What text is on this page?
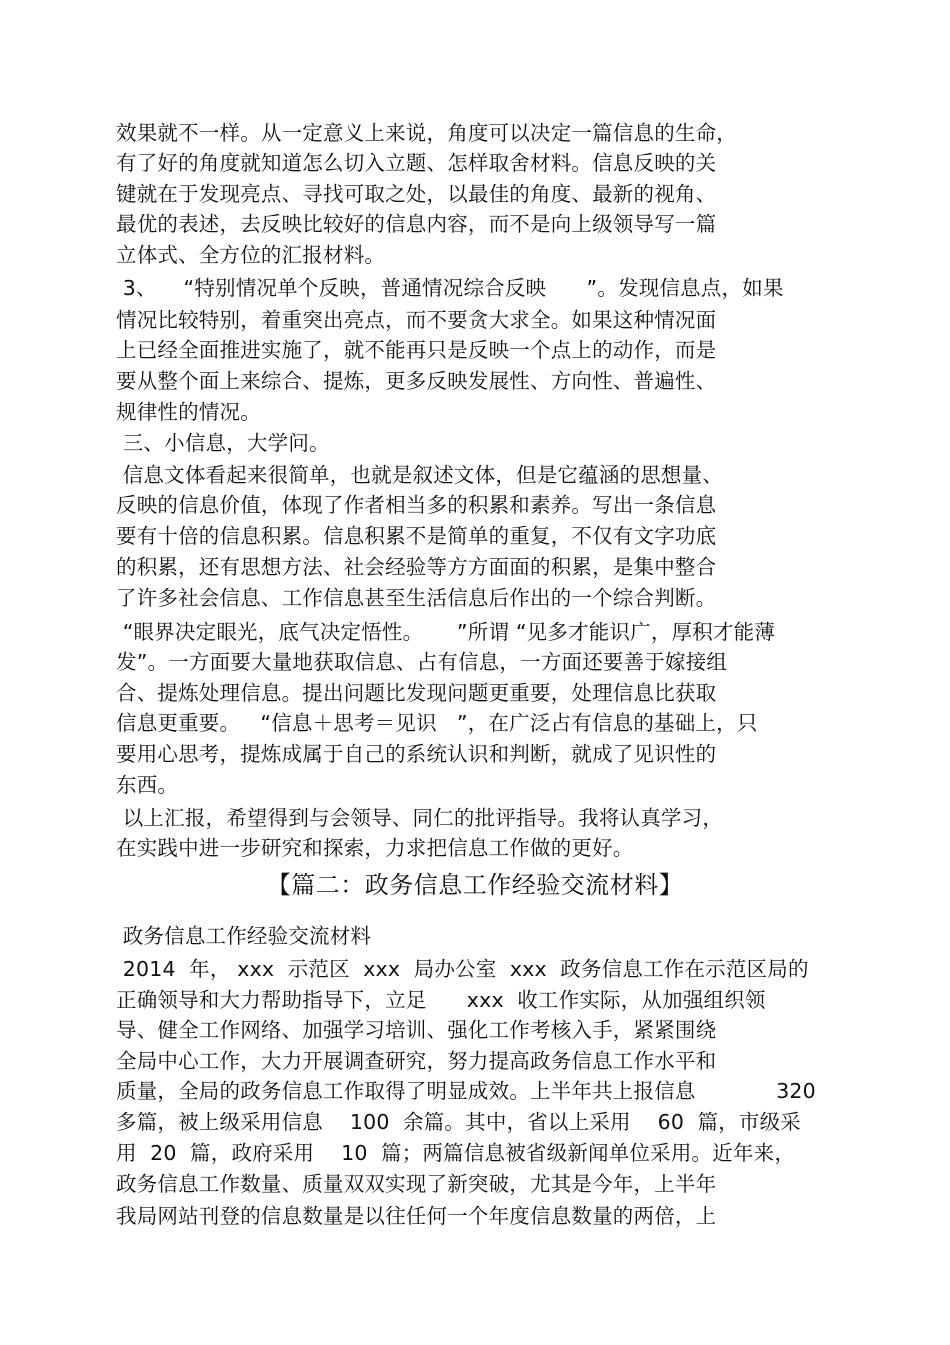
效果就不一样。从一定意义上来说，角度可以决定一篇信息的生命，
有了好的角度就知道怎么切入立题、怎样取舍材料。信息反映的关
键就在于发现亮点、寻找可取之处，以最佳的角度、最新的视角、
最优的表述，去反映比较好的信息内容，而不是向上级领导写一篇
立体式、全方位的汇报材料。
3、    “特别情况单个反映，普通情况综合反映      ”。发现信息点，如果
情况比较特别，着重突出亮点，而不要贪大求全。如果这种情况面
上已经全面推进实施了，就不能再只是反映一个点上的动作，而是
要从整个面上来综合、提炼，更多反映发展性、方向性、普遍性、
规律性的情况。
三、小信息，大学问。
信息文体看起来很简单，也就是叙述文体，但是它蕴涵的思想量、
反映的信息价值，体现了作者相当多的积累和素养。写出一条信息
要有十倍的信息积累。信息积累不是简单的重复，不仅有文字功底
的积累，还有思想方法、社会经验等方方面面的积累，是集中整合
了许多社会信息、工作信息甚至生活信息后作出的一个综合判断。
“眼界决定眼光，底气决定悟性。     ”所谓 “见多才能识广，厚积才能薄
发”。一方面要大量地获取信息、占有信息，一方面还要善于嫁接组
合、提炼处理信息。提出问题比发现问题更重要，处理信息比获取
信息更重要。   “信息＋思考＝见识   ”，在广泛占有信息的基础上，只
要用心思考，提炼成属于自己的系统认识和判断，就成了见识性的
东西。
以上汇报，希望得到与会领导、同仁的批评指导。我将认真学习，
在实践中进一步研究和探索，力求把信息工作做的更好。
【篇二：政务信息工作经验交流材料】
政务信息工作经验交流材料
2014  年， xxx  示范区  xxx  局办公室  xxx  政务信息工作在示范区局的
正确领导和大力帮助指导下，立足      xxx  收工作实际，从加强组织领
导、健全工作网络、加强学习培训、强化工作考核入手，紧紧围绕
全局中心工作，大力开展调查研究，努力提高政务信息工作水平和
质量，全局的政务信息工作取得了明显成效。上半年共上报信息            320
多篇，被上级采用信息    100  余篇。其中，省以上采用    60  篇，市级采
用  20  篇，政府采用    10  篇；两篇信息被省级新闻单位采用。近年来，
政务信息工作数量、质量双双实现了新突破，尤其是今年，上半年
我局网站刊登的信息数量是以往任何一个年度信息数量的两倍，上
